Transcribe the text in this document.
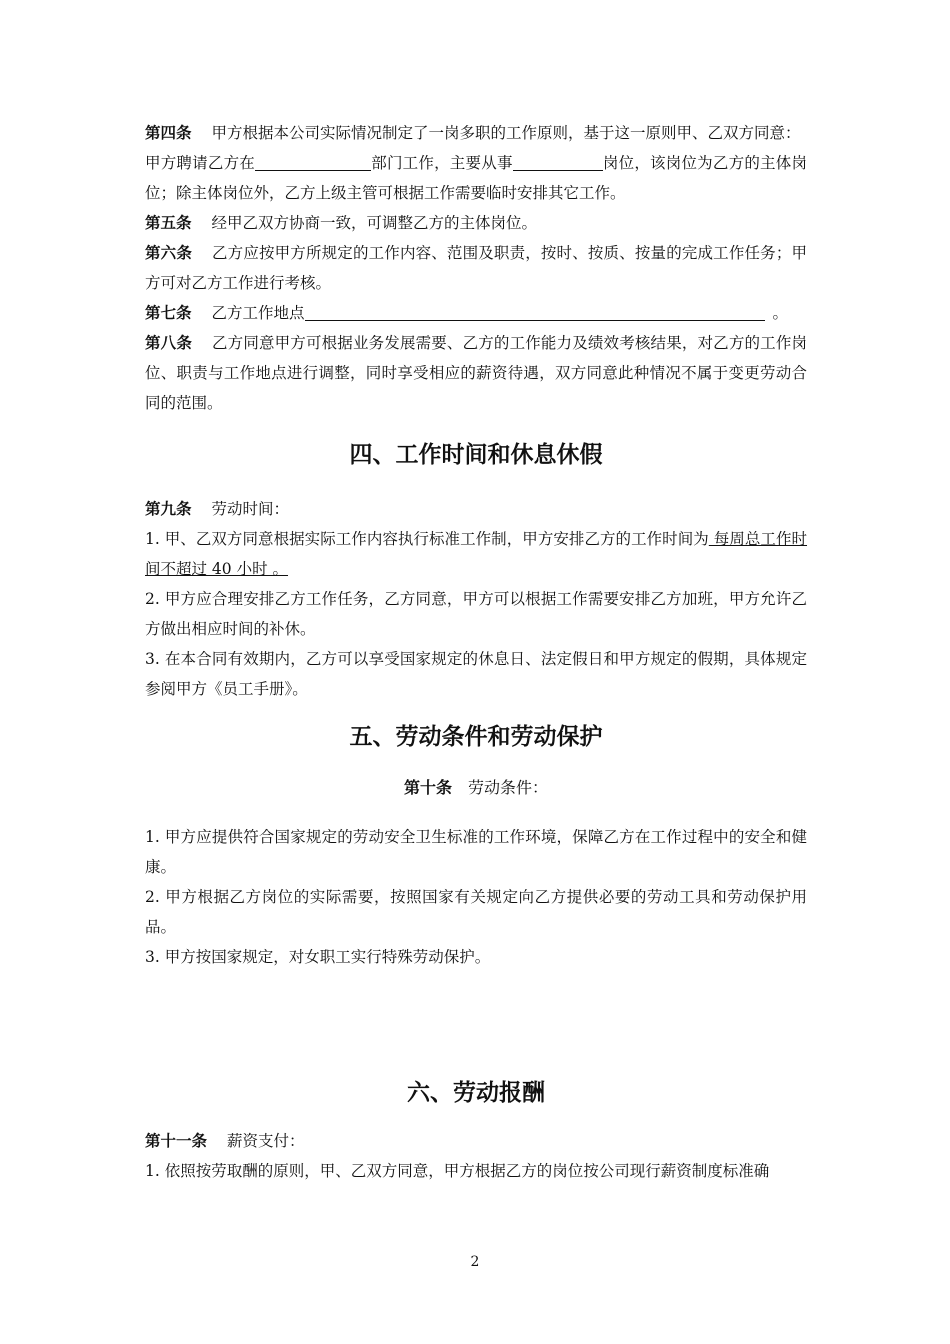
第四条 甲方根据本公司实际情况制定了一岗多职的工作原则，基于这一原则甲、乙双方同意：

甲方聘请乙方在	部门工作，主要从事	岗位，该岗位为乙方的主体岗位；除主体岗位外，乙方上级主管可根据工作需要临时安排其它工作。

第五条 经甲乙双方协商一致，可调整乙方的主体岗位。

第六条 乙方应按甲方所规定的工作内容、范围及职责，按时、按质、按量的完成工作任务；甲方可对乙方工作进行考核。

第七条 乙方工作地点	。

第八条 乙方同意甲方可根据业务发展需要、乙方的工作能力及绩效考核结果，对乙方的工作岗位、职责与工作地点进行调整，同时享受相应的薪资待遇，双方同意此种情况不属于变更劳动合同的范围。

四、工作时间和休息休假

第九条 劳动时间：

1. 甲、乙双方同意根据实际工作内容执行标准工作制，甲方安排乙方的工作时间为 每周总工作时间不超过 40 小时 。

2. 甲方应合理安排乙方工作任务，乙方同意，甲方可以根据工作需要安排乙方加班，甲方允许乙方做出相应时间的补休。

3. 在本合同有效期内，乙方可以享受国家规定的休息日、法定假日和甲方规定的假期，具体规定参阅甲方《员工手册》。

五、劳动条件和劳动保护

第十条 劳动条件：

1. 甲方应提供符合国家规定的劳动安全卫生标准的工作环境，保障乙方在工作过程中的安全和健康。

2. 甲方根据乙方岗位的实际需要，按照国家有关规定向乙方提供必要的劳动工具和劳动保护用品。

3. 甲方按国家规定，对女职工实行特殊劳动保护。

六、劳动报酬

第十一条 薪资支付：

1. 依照按劳取酬的原则，甲、乙双方同意，甲方根据乙方的岗位按公司现行薪资制度标准确

2
